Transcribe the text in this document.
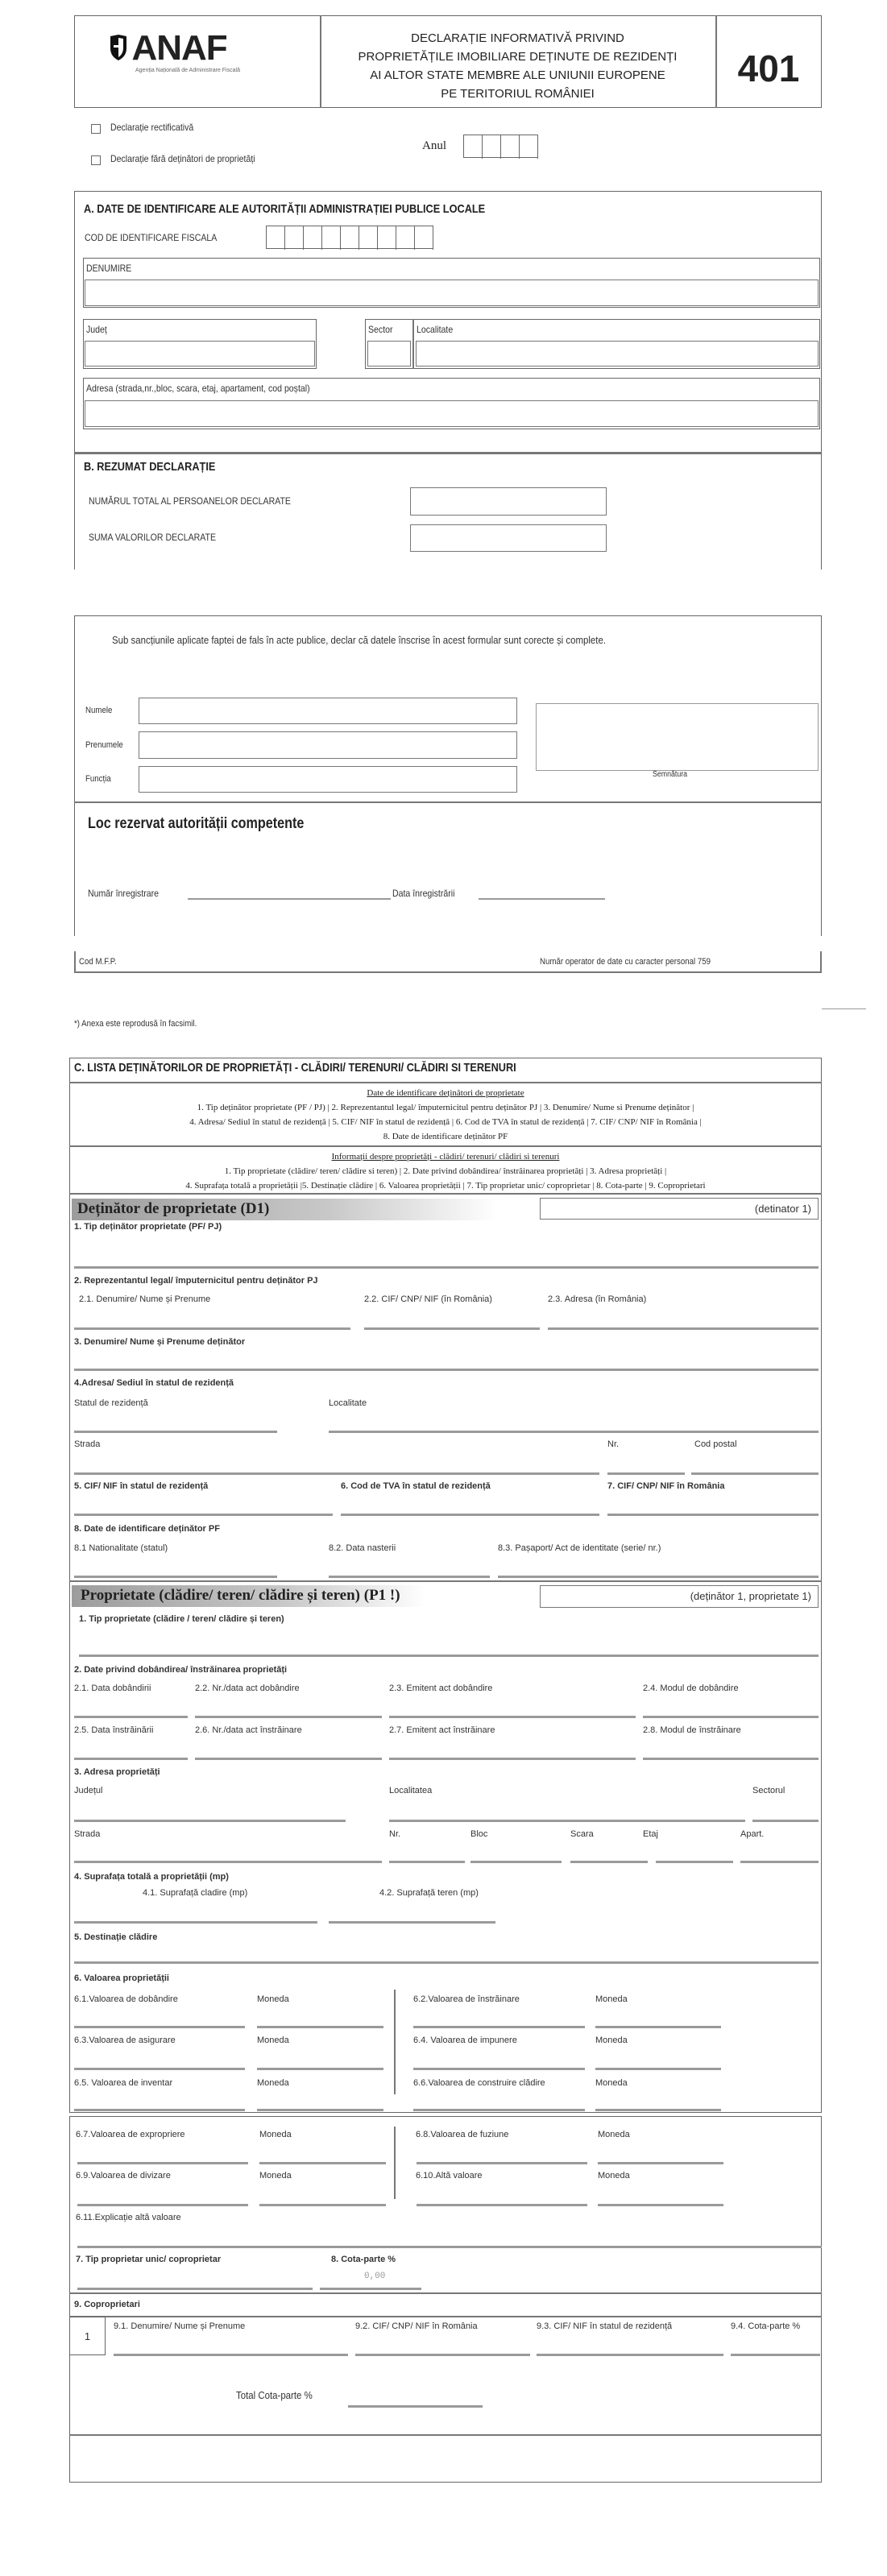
ANAF
Agenția Națională de Administrare Fiscală
DECLARAȚIE INFORMATIVĂ PRIVIND
PROPRIETĂȚILE IMOBILIARE DEȚINUTE DE REZIDENȚI
AI ALTOR STATE MEMBRE ALE UNIUNII EUROPENE
PE TERITORIUL ROMÂNIEI
401
Declarație rectificativă
Declarație fără deținători de proprietăți
Anul
A. DATE DE IDENTIFICARE ALE AUTORITĂȚII ADMINISTRAȚIEI PUBLICE LOCALE
COD DE IDENTIFICARE FISCALA
DENUMIRE
Județ	Sector Localitate
Adresa (strada,nr.,bloc, scara, etaj, apartament, cod poștal)
B. REZUMAT DECLARAȚIE
NUMĂRUL TOTAL AL PERSOANELOR DECLARATE
SUMA VALORILOR DECLARATE
Sub sancțiunile aplicate faptei de fals în acte publice, declar că datele înscrise în acest formular sunt corecte și complete.
Numele
Prenumele
Funcția	Semnătura
Loc rezervat autorității competente
Număr înregistrare	Data înregistrării
Cod M.F.P.	Număr operator de date cu caracter personal 759
*) Anexa este reprodusă în facsimil.
C. LISTA DEȚINĂTORILOR DE PROPRIETĂȚI - CLĂDIRI/ TERENURI/ CLĂDIRI SI TERENURI
Date de identificare deținători de proprietate
1. Tip deținător proprietate (PF / PJ) | 2. Reprezentantul legal/ împuternicitul pentru deținător PJ | 3. Denumire/ Nume si Prenume deținător |
4. Adresa/ Sediul în statul de rezidență | 5. CIF/ NIF în statul de rezidență | 6. Cod de TVA în statul de rezidență | 7. CIF/ CNP/ NIF în România |
8. Date de identificare deținător PF
Informații despre proprietăți - clădiri/ terenuri/ clădiri si terenuri
1. Tip proprietate (clădire/ teren/ clădire si teren) | 2. Date privind dobândirea/ înstrăinarea proprietăți | 3. Adresa proprietăți |
4. Suprafața totală a proprietății |5. Destinație clădire | 6. Valoarea proprietății | 7. Tip proprietar unic/ coproprietar | 8. Cota-parte | 9. Coproprietari
Deținător de proprietate (D1)	(detinator 1)
1. Tip deținător proprietate (PF/ PJ)
2. Reprezentantul legal/ împuternicitul pentru deținător PJ
2.1. Denumire/ Nume și Prenume	2.2. CIF/ CNP/ NIF (în România)	2.3. Adresa (în România)
3. Denumire/ Nume și Prenume deținător
4.Adresa/ Sediul în statul de rezidență
Statul de rezidență	Localitate
Strada	Nr.	Cod postal
5. CIF/ NIF în statul de rezidență	6. Cod de TVA în statul de rezidență	7. CIF/ CNP/ NIF în România
8. Date de identificare deținător PF
8.1 Nationalitate (statul)	8.2. Data nasterii	8.3. Pașaport/ Act de identitate (serie/ nr.)
Proprietate (clădire/ teren/ clădire și teren) (P1 !)	(deținător 1, proprietate 1)
1. Tip proprietate (clădire / teren/ clădire și teren)
2. Date privind dobândirea/ înstrăinarea proprietăți
2.1. Data dobândirii	2.2. Nr./data act dobândire	2.3. Emitent act dobândire	2.4. Modul de dobândire
2.5. Data înstrăinării	2.6. Nr./data act înstrăinare	2.7. Emitent act înstrăinare	2.8. Modul de înstrăinare
3. Adresa proprietăți
Județul	Localitatea	Sectorul
Strada	Nr.	Bloc	Scara	Etaj	Apart.
4. Suprafața totală a proprietății (mp)
4.1. Suprafață cladire (mp)	4.2. Suprafață teren (mp)
5. Destinație clădire
6. Valoarea proprietății
6.1.Valoarea de dobândire	Moneda	6.2.Valoarea de înstrăinare	Moneda
6.3.Valoarea de asigurare	Moneda	6.4. Valoarea de impunere	Moneda
6.5. Valoarea de inventar	Moneda	6.6.Valoarea de construire clădire	Moneda
6.7.Valoarea de expropriere	Moneda	6.8.Valoarea de fuziune	Moneda
6.9.Valoarea de divizare	Moneda	6.10.Altă valoare	Moneda
6.11.Explicație altă valoare
7. Tip proprietar unic/ coproprietar	8. Cota-parte %
0,00
9. Coproprietari
1
9.1. Denumire/ Nume și Prenume	9.2. CIF/ CNP/ NIF în România	9.3. CIF/ NIF în statul de rezidență	9.4. Cota-parte %
Total Cota-parte %
